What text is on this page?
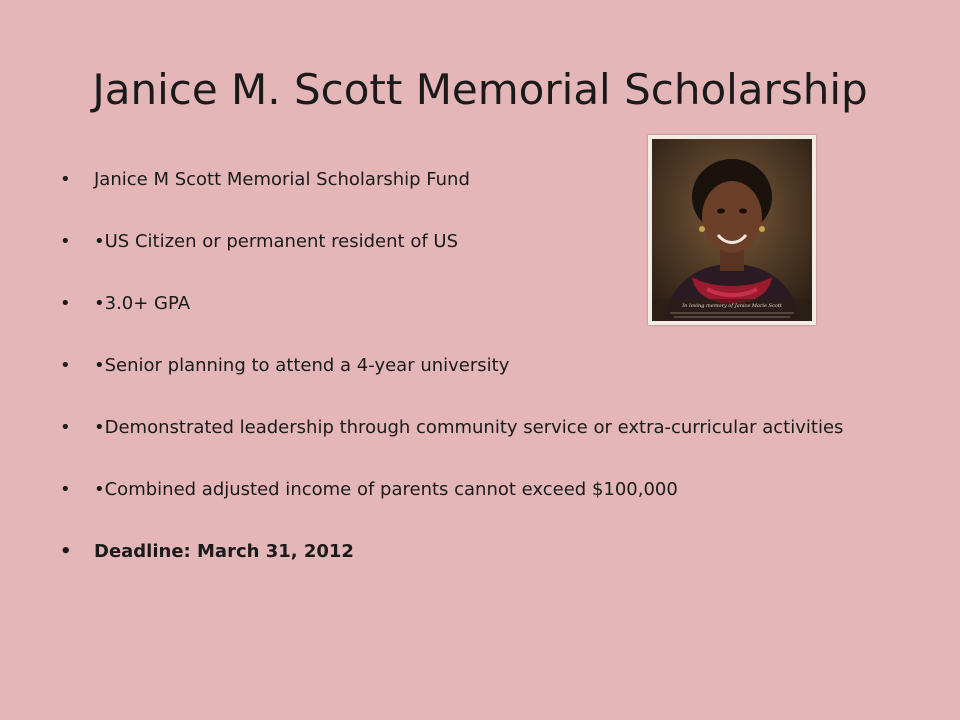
Janice M. Scott Memorial Scholarship
• Janice M Scott Memorial Scholarship Fund
• •US Citizen or permanent resident of US
• •3.0+ GPA
• •Senior planning to attend a 4-year university
• •Demonstrated leadership through community service or extra-curricular activities
• •Combined adjusted income of parents cannot exceed $100,000
• Deadline: March 31, 2012
In loving memory of Janice Marie Scott
